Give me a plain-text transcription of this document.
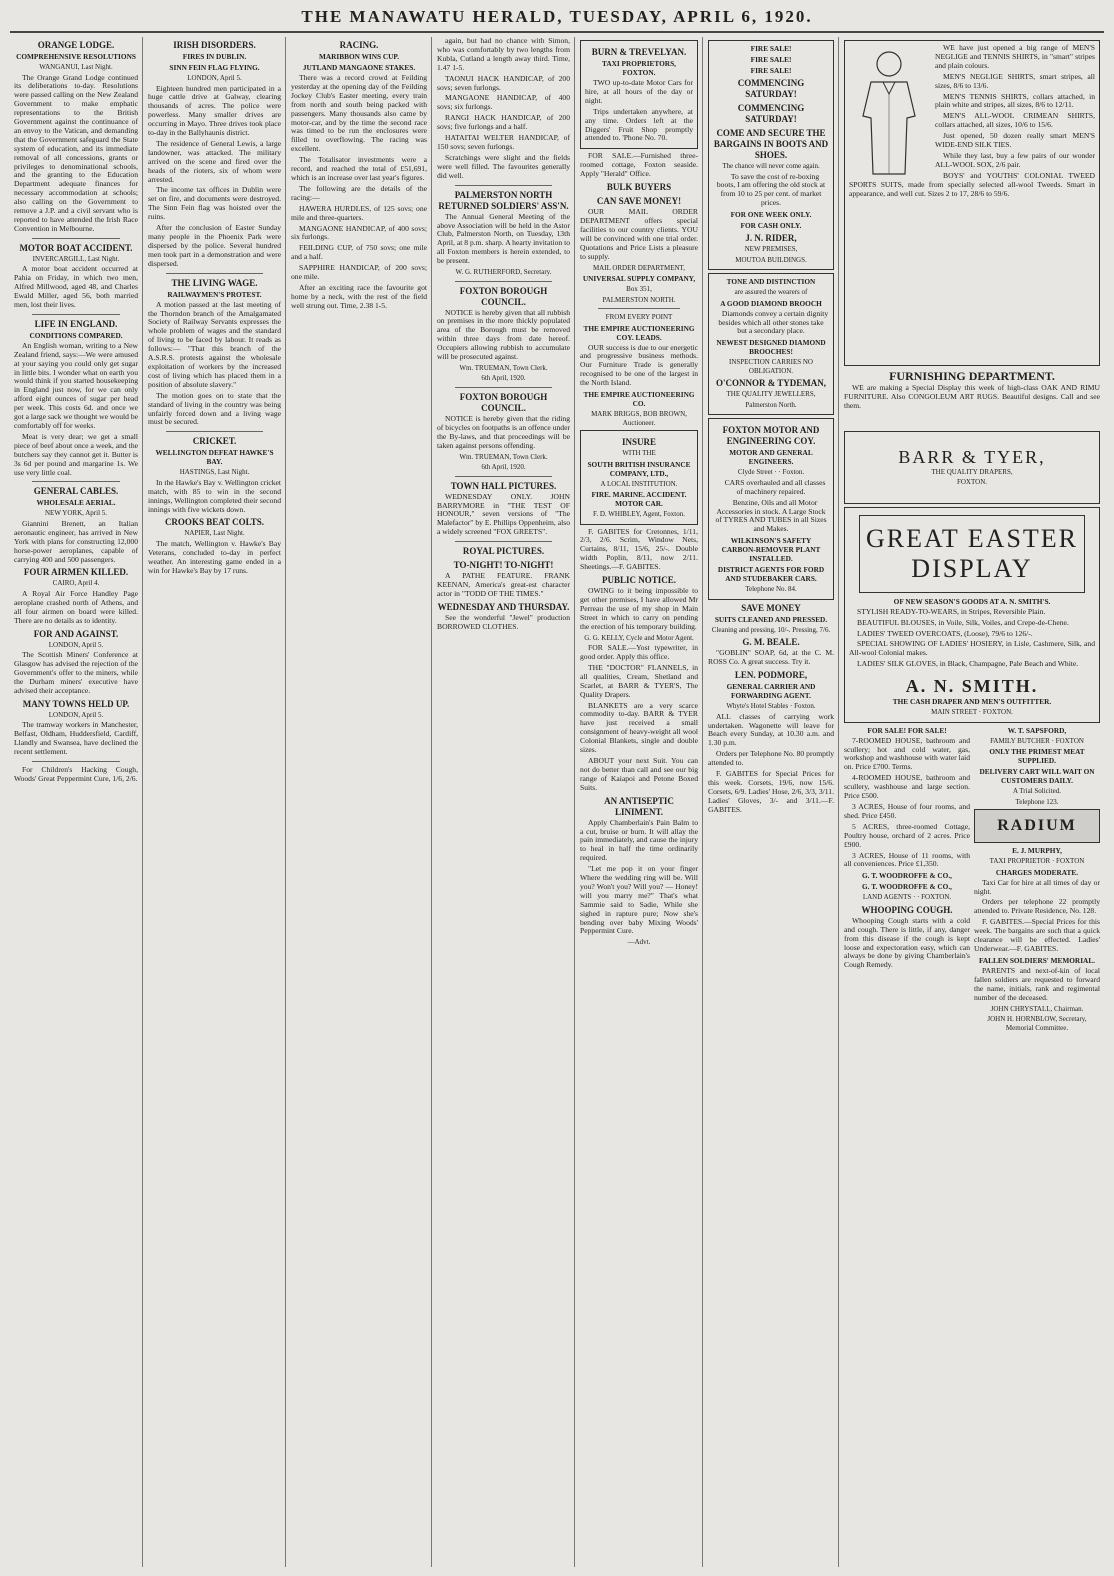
THE MANAWATU HERALD, TUESDAY, APRIL 6, 1920.
ORANGE LODGE.
COMPREHENSIVE RESOLUTIONS
WANGANUI, Last Night.

The Orange Grand Lodge continued its deliberations to-day. Resolutions were passed calling on the New Zealand Government to make emphatic representations to the British Government against the continuance of an envoy to the Vatican, and demanding that the Government safeguard the State system of education, and its immediate removal of all concessions, grants or privileges to denominational schools, and the granting to the Education Department adequate finances for necessary accommodation at schools; also calling on the Government to remove a J.P. and a civil servant who is reported to have attended the Irish Race Convention in Melbourne.

MOTOR BOAT ACCIDENT.
INVERCARGILL, Last Night.

A motor boat accident occurred at Pahia on Friday, in which two men, Alfred Millwood, aged 48, and Charles Ewald Miller, aged 56, both married men, lost their lives.

LIFE IN ENGLAND.
CONDITIONS COMPARED.

An English woman, writing to a New Zealand friend, says:—We were amused at your saying you could only get sugar in little bits. I wonder what on earth you would think if you started housekeeping in England just now, for we can only afford eight ounces of sugar per head per week. This costs 6d. and once we got a large sack we thought we would be comfortably off for weeks.

Meat is very dear; we get a small piece of beef about once a week, and the butchers say they cannot get it. Butter is 3s 6d per pound and margarine 1s. We use very little coal.

GENERAL CABLES.
WHOLESALE AERIAL.
NEW YORK, April 5.

Giannini Brenett, an Italian aeronautic engineer, has arrived in New York with plans for constructing 12,000 horse-power aeroplanes, capable of carrying 400 and 500 passengers.

FOUR AIRMEN KILLED.
CAIRO, April 4.

A Royal Air Force Handley Page aeroplane crashed north of Athens, and all four airmen on board were killed. There are no details as to identity.

FOR AND AGAINST.
LONDON, April 5.

The Scottish Miners' Conference at Glasgow has advised the rejection of the Government's offer to the miners, while the Durham miners' executive have advised their acceptance.

MANY TOWNS HELD UP.
LONDON, April 5.

The tramway workers in Manchester, Belfast, Oldham, Huddersfield, Cardiff, Llandly and Swansea, have declined the recent settlement.

For Children's Hacking Cough, Woods' Great Peppermint Cure, 1/6, 2/6.

IRISH DISORDERS.
FIRES IN DUBLIN.
SINN FEIN FLAG FLYING.
LONDON, April 5.

Eighteen hundred men participated in a huge cattle drive at Galway, clearing thousands of acres. The police were powerless. Many smaller drives are occurring in Mayo. Three drives took place to-day in the Ballyhaunis district.

The residence of General Lewis, a large landowner, was attacked. The military arrived on the scene and fired over the heads of the rioters, six of whom were arrested.

The income tax offices in Dublin were set on fire, and documents were destroyed. The Sinn Fein flag was hoisted over the ruins.

After the conclusion of Easter Sunday many people in the Phoenix Park were dispersed by the police. Several hundred men took part in a demonstration and were dispersed.

THE LIVING WAGE.
RAILWAYMEN'S PROTEST.

A motion passed at the last meeting of the Thorndon branch of the Amalgamated Society of Railway Servants expresses the whole problem of wages and the standard of living to be faced by labour. It reads as follows:— "That this branch of the A.S.R.S. protests against the wholesale exploitation of workers by the increased cost of living which has placed them in a position of absolute slavery."

The motion goes on to state that the standard of living in the country was being unfairly forced down and a living wage must be secured.

CRICKET.
WELLINGTON DEFEAT HAWKE'S BAY.
HASTINGS, Last Night.

In the Hawke's Bay v. Wellington cricket match, with 85 to win in the second innings, Wellington completed their second innings with five wickets down.

CROOKS BEAT COLTS.
NAPIER, Last Night.

The match, Wellington v. Hawke's Bay Veterans, concluded to-day in perfect weather. An interesting game ended in a win for Hawke's Bay by 17 runs.

RACING.
MARIBBON WINS CUP.
JUTLAND MANGAONE STAKES.

There was a record crowd at Feilding yesterday at the opening day of the Feilding Jockey Club's Easter meeting, every train from north and south being packed with passengers. Many thousands also came by motor-car, and by the time the second race was timed to be run the enclosures were filled to overflowing. The racing was excellent.

The Totalisator investments were a record, and reached the total of £51,691, which is an increase over last year's figures.

The following are the details of the racing:—

HAWERA HURDLES, of 125 sovs; one mile and three-quarters.

MANGAONE HANDICAP, of 400 sovs; six furlongs.

FEILDING CUP, of 750 sovs; one mile and a half.

SAPPHIRE HANDICAP, of 200 sovs; one mile.

After an exciting race the favourite got home by a neck, with the rest of the field well strung out. Time, 2.38 1-5.

again, but had no chance with Simon, who was comfortably by two lengths from Kubla, Cutland a length away third. Time, 1.47 1-5.

TAONUI HACK HANDICAP, of 200 sovs; seven furlongs.

MANGAONE HANDICAP, of 400 sovs; six furlongs.

RANGI HACK HANDICAP, of 200 sovs; five furlongs and a half.

HATAITAI WELTER HANDICAP, of 150 sovs; seven furlongs.

Scratchings were slight and the fields were well filled. The favourites generally did well.

PALMERSTON NORTH RETURNED SOLDIERS' ASS'N.

The Annual General Meeting of the above Association will be held in the Astor Club, Palmerston North, on Tuesday, 13th April, at 8 p.m. sharp. A hearty invitation to all Foxton members is herein extended, to be present.

W. G. RUTHERFORD, Secretary.
FOXTON BOROUGH COUNCIL.

NOTICE is hereby given that all rubbish on premises in the more thickly populated area of the Borough must be removed within three days from date hereof. Occupiers allowing rubbish to accumulate will be prosecuted against.

Wm. TRUEMAN, Town Clerk.
6th April, 1920.
FOXTON BOROUGH COUNCIL.

NOTICE is hereby given that the riding of bicycles on footpaths is an offence under the By-laws, and that proceedings will be taken against persons offending.

Wm. TRUEMAN, Town Clerk.
6th April, 1920.
TOWN HALL PICTURES.

WEDNESDAY ONLY. JOHN BARRYMORE in "THE TEST OF HONOUR," seven versions of "The Malefactor" by E. Phillips Oppenheim, also a widely screened "FOX GREETS".

ROYAL PICTURES.
TO-NIGHT! TO-NIGHT!

A PATHE FEATURE. FRANK KEENAN, America's great-est character actor in "TODD OF THE TIMES."

WEDNESDAY AND THURSDAY.

See the wonderful "Jewel" production BORROWED CLOTHES.

BURN & TREVELYAN.
TAXI PROPRIETORS, FOXTON.

TWO up-to-date Motor Cars for hire, at all hours of the day or night.

Trips undertaken anywhere, at any time. Orders left at the Diggers' Fruit Shop promptly attended to. 'Phone No. 70.

FOR SALE.—Furnished three-roomed cottage, Foxton seaside. Apply "Herald" Office.

BULK BUYERS
CAN SAVE MONEY!

OUR MAIL ORDER DEPARTMENT offers special facilities to our country clients. YOU will be convinced with one trial order. Quotations and Price Lists a pleasure to supply.

MAIL ORDER DEPARTMENT,
UNIVERSAL SUPPLY COMPANY,
Box 351,
PALMERSTON NORTH.
FROM EVERY POINT
THE EMPIRE AUCTIONEERING COY. LEADS.

OUR success is due to our energetic and progressive business methods. Our Furniture Trade is generally recognised to be one of the largest in the North Island.

THE EMPIRE AUCTIONEERING CO.
MARK BRIGGS, BOB BROWN, Auctioneer.
INSURE
WITH THE
SOUTH BRITISH INSURANCE COMPANY, LTD.,
A LOCAL INSTITUTION.
FIRE. MARINE. ACCIDENT. MOTOR CAR.
F. D. WHIBLEY, Agent, Foxton.

F. GABITES for Cretonnes, 1/11, 2/3, 2/6. Scrim, Window Nets, Curtains, 8/11, 15/6, 25/-. Double width Poplin, 8/11, now 2/11. Sheetings.—F. GABITES.

PUBLIC NOTICE.

OWING to it being impossible to get other premises, I have allowed Mr Perreau the use of my shop in Main Street in which to carry on pending the erection of his temporary building.

G. G. KELLY, Cycle and Motor Agent.

FOR SALE.—Yost typewriter, in good order. Apply this office.

THE "DOCTOR" FLANNELS, in all qualities, Cream, Shetland and Scarlet, at BARR & TYER'S, The Quality Drapers.

BLANKETS are a very scarce commodity to-day. BARR & TYER have just received a small consignment of heavy-weight all wool Colonial Blankets, single and double sizes.

ABOUT your next Suit. You can not do better than call and see our big range of Kaiapoi and Petone Boxed Suits.

AN ANTISEPTIC LINIMENT.

Apply Chamberlain's Pain Balm to a cut, bruise or burn. It will allay the pain immediately, and cause the injury to heal in half the time ordinarily required.

"Let me pop it on your finger Where the wedding ring will be. Will you? Won't you? Will you? — Honey! will you marry me?" That's what Sammie said to Sadie, While she sighed in rapture pure; Now she's bending over baby Mixing Woods' Peppermint Cure.

—Advt.
FIRE SALE!
FIRE SALE!
FIRE SALE!
COMMENCING SATURDAY!
COMMENCING SATURDAY!
COME AND SECURE THE BARGAINS IN BOOTS AND SHOES.
The chance will never come again.

To save the cost of re-boxing boots, I am offering the old stock at from 10 to 25 per cent. of market prices.

FOR ONE WEEK ONLY.
FOR CASH ONLY.
J. N. RIDER,
NEW PREMISES,
MOUTOA BUILDINGS.
TONE AND DISTINCTION
are assured the wearers of
A GOOD DIAMOND BROOCH

Diamonds convey a certain dignity besides which all other stones take but a secondary place.

NEWEST DESIGNED DIAMOND BROOCHES!
INSPECTION CARRIES NO OBLIGATION.
O'CONNOR & TYDEMAN,
THE QUALITY JEWELLERS,
Palmerston North.
FOXTON MOTOR AND ENGINEERING COY.
MOTOR AND GENERAL ENGINEERS.
Clyde Street · · Foxton.

CARS overhauled and all classes of machinery repaired.

Benzine, Oils and all Motor Accessories in stock. A Large Stock of TYRES AND TUBES in all Sizes and Makes.

WILKINSON'S SAFETY CARBON-REMOVER PLANT INSTALLED.
DISTRICT AGENTS FOR FORD AND STUDEBAKER CARS.
Telephone No. 84.
SAVE MONEY
SUITS CLEANED AND PRESSED.
Cleaning and pressing, 10/-. Pressing, 7/6.
G. M. BEALE.

"GOBLIN" SOAP, 6d, at the C. M. ROSS Co. A great success. Try it.

LEN. PODMORE,
GENERAL CARRIER AND FORWARDING AGENT.
Whyte's Hotel Stables · Foxton.

ALL classes of carrying work undertaken. Wagonette will leave for Beach every Sunday, at 10.30 a.m. and 1.30 p.m.

Orders per Telephone No. 80 promptly attended to.

F. GABITES for Special Prices for this week. Corsets, 19/6, now 15/6. Corsets, 6/9. Ladies' Hose, 2/6, 3/3, 3/11. Ladies' Gloves, 3/- and 3/11.—F. GABITES.

WE have just opened a big range of MEN'S NEGLIGE and TENNIS SHIRTS, in "smart" stripes and plain colours.

MEN'S NEGLIGE SHIRTS, smart stripes, all sizes, 8/6 to 13/6.

MEN'S TENNIS SHIRTS, collars attached, in plain white and stripes, all sizes, 8/6 to 12/11.

MEN'S ALL-WOOL CRIMEAN SHIRTS, collars attached, all sizes, 10/6 to 15/6.

Just opened, 50 dozen really smart MEN'S WIDE-END SILK TIES.

While they last, buy a few pairs of our wonder ALL-WOOL SOX, 2/6 pair.

BOYS' and YOUTHS' COLONIAL TWEED SPORTS SUITS, made from specially selected all-wool Tweeds. Smart in appearance, and well cut. Sizes 2 to 17, 28/6 to 59/6.

FURNISHING DEPARTMENT.

WE are making a Special Display this week of high-class OAK AND RIMU FURNITURE. Also CONGOLEUM ART RUGS. Beautiful designs. Call and see them.

BARR & TYER,
THE QUALITY DRAPERS,
FOXTON.
GREAT EASTER
DISPLAY
OF NEW SEASON'S GOODS AT A. N. SMITH'S.

STYLISH READY-TO-WEARS, in Stripes, Reversible Plain.

BEAUTIFUL BLOUSES, in Voile, Silk, Voiles, and Crepe-de-Chene.

LADIES' TWEED OVERCOATS, (Loose), 79/6 to 126/-.

SPECIAL SHOWING OF LADIES' HOSIERY, in Lisle, Cashmere, Silk, and All-wool Colonial makes.

LADIES' SILK GLOVES, in Black, Champagne, Pale Beach and White.

A. N. SMITH.
THE CASH DRAPER AND MEN'S OUTFITTER.
MAIN STREET · FOXTON.
FOR SALE! FOR SALE!

7-ROOMED HOUSE, bathroom and scullery; hot and cold water, gas, workshop and washhouse with water laid on. Price £700. Terms.

4-ROOMED HOUSE, bathroom and scullery, washhouse and large section. Price £500.

3 ACRES, House of four rooms, and shed. Price £450.

5 ACRES, three-roomed Cottage, Poultry house, orchard of 2 acres. Price £900.

3 ACRES, House of 11 rooms, with all conveniences. Price £1,350.

G. T. WOODROFFE & CO.,
G. T. WOODROFFE & CO.,
LAND AGENTS · · FOXTON.
WHOOPING COUGH.

Whooping Cough starts with a cold and cough. There is little, if any, danger from this disease if the cough is kept loose and expectoration easy, which can always be done by giving Chamberlain's Cough Remedy.

W. T. SAPSFORD,
FAMILY BUTCHER · FOXTON
ONLY THE PRIMEST MEAT SUPPLIED.
DELIVERY CART WILL WAIT ON CUSTOMERS DAILY.
A Trial Solicited.
Telephone 123.
RADIUM
E. J. MURPHY,
TAXI PROPRIETOR · FOXTON
CHARGES MODERATE.

Taxi Car for hire at all times of day or night.

Orders per telephone 22 promptly attended to. Private Residence, No. 128.

F. GABITES.—Special Prices for this week. The bargains are such that a quick clearance will be effected. Ladies' Underwear.—F. GABITES.

FALLEN SOLDIERS' MEMORIAL.

PARENTS and next-of-kin of local fallen soldiers are requested to forward the name, initials, rank and regimental number of the deceased.

JOHN CHRYSTALL, Chairman.
JOHN H. HORNBLOW, Secretary, Memorial Committee.
